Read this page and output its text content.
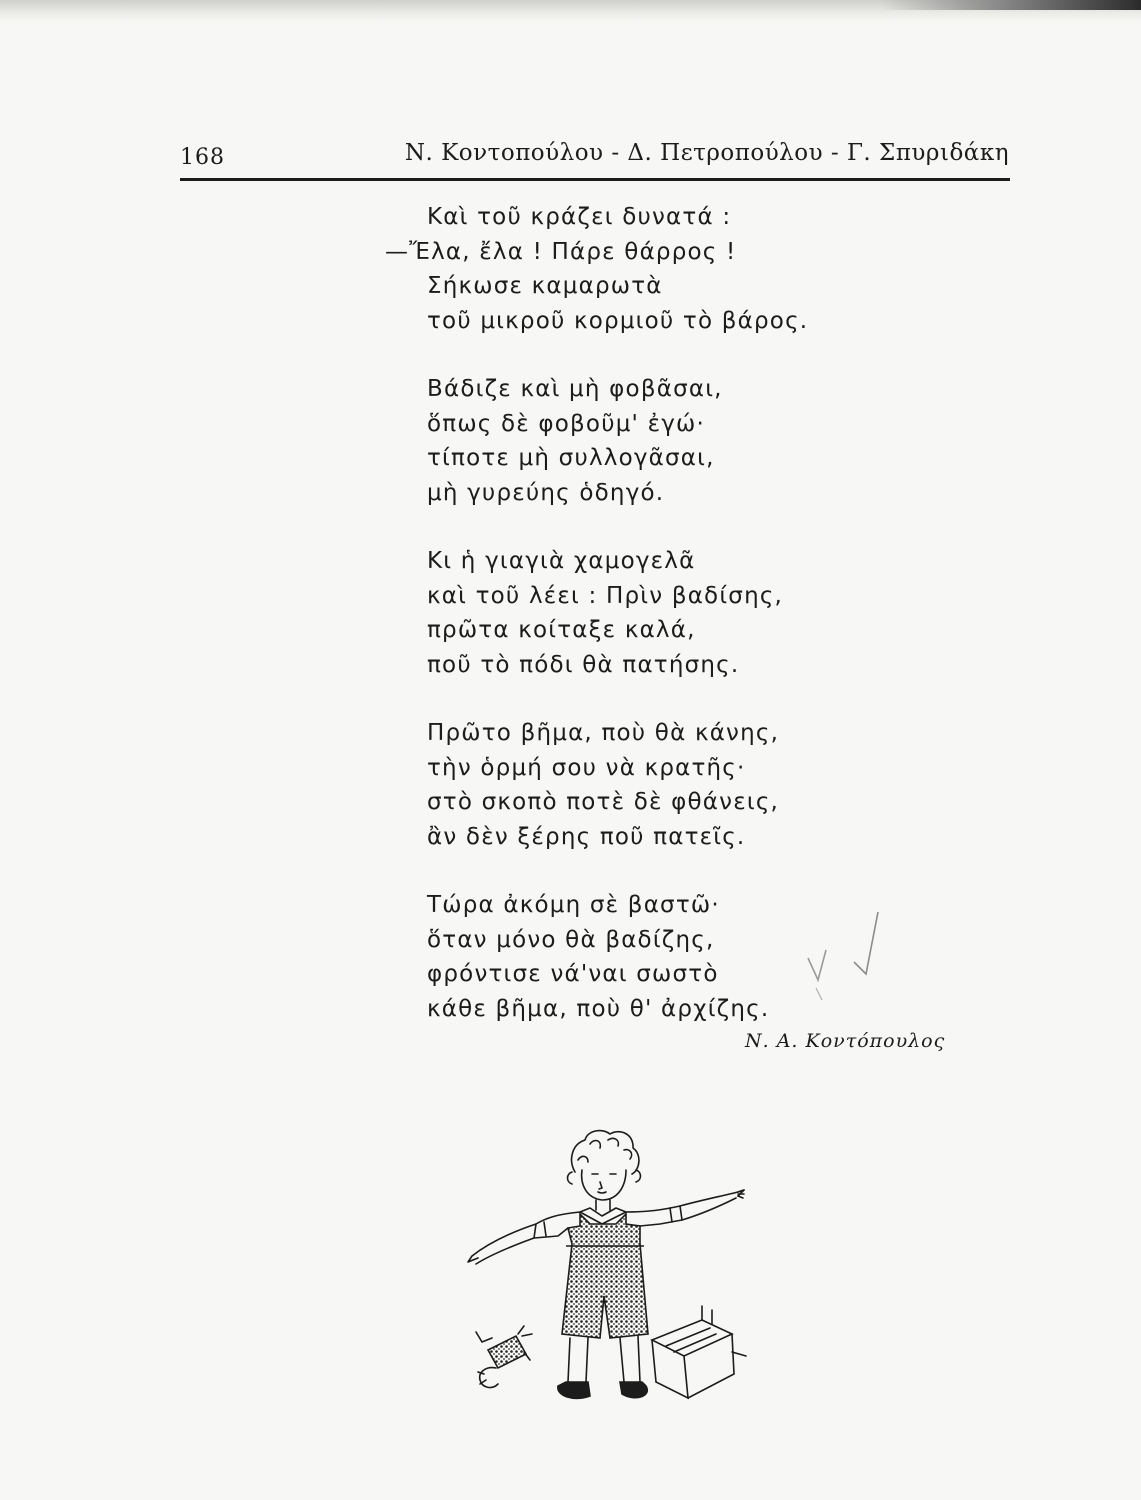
168	Ν. Κοντοπούλου - Δ. Πετροπούλου - Γ. Σπυριδάκη
Καὶ τοῦ κράζει δυνατά :
—Ἔλα, ἔλα ! Πάρε θάρρος !
Σήκωσε καμαρωτὰ
τοῦ μικροῦ κορμιοῦ τὸ βάρος.
Βάδιζε καὶ μὴ φοβᾶσαι,
ὅπως δὲ φοβοῦμ' ἐγώ·
τίποτε μὴ συλλογᾶσαι,
μὴ γυρεύης ὁδηγό.
Κι ἡ γιαγιὰ χαμογελᾶ
καὶ τοῦ λέει : Πρὶν βαδίσης,
πρῶτα κοίταξε καλά,
ποῦ τὸ πόδι θὰ πατήσης.
Πρῶτο βῆμα, ποὺ θὰ κάνης,
τὴν ὁρμή σου νὰ κρατῆς·
στὸ σκοπὸ ποτὲ δὲ φθάνεις,
ἂν δὲν ξέρης ποῦ πατεῖς.
Τώρα ἀκόμη σὲ βαστῶ·
ὅταν μόνο θὰ βαδίζης,
φρόντισε νά'ναι σωστὸ
κάθε βῆμα, ποὺ θ' ἀρχίζης.
Ν. Α. Κοντόπουλος
